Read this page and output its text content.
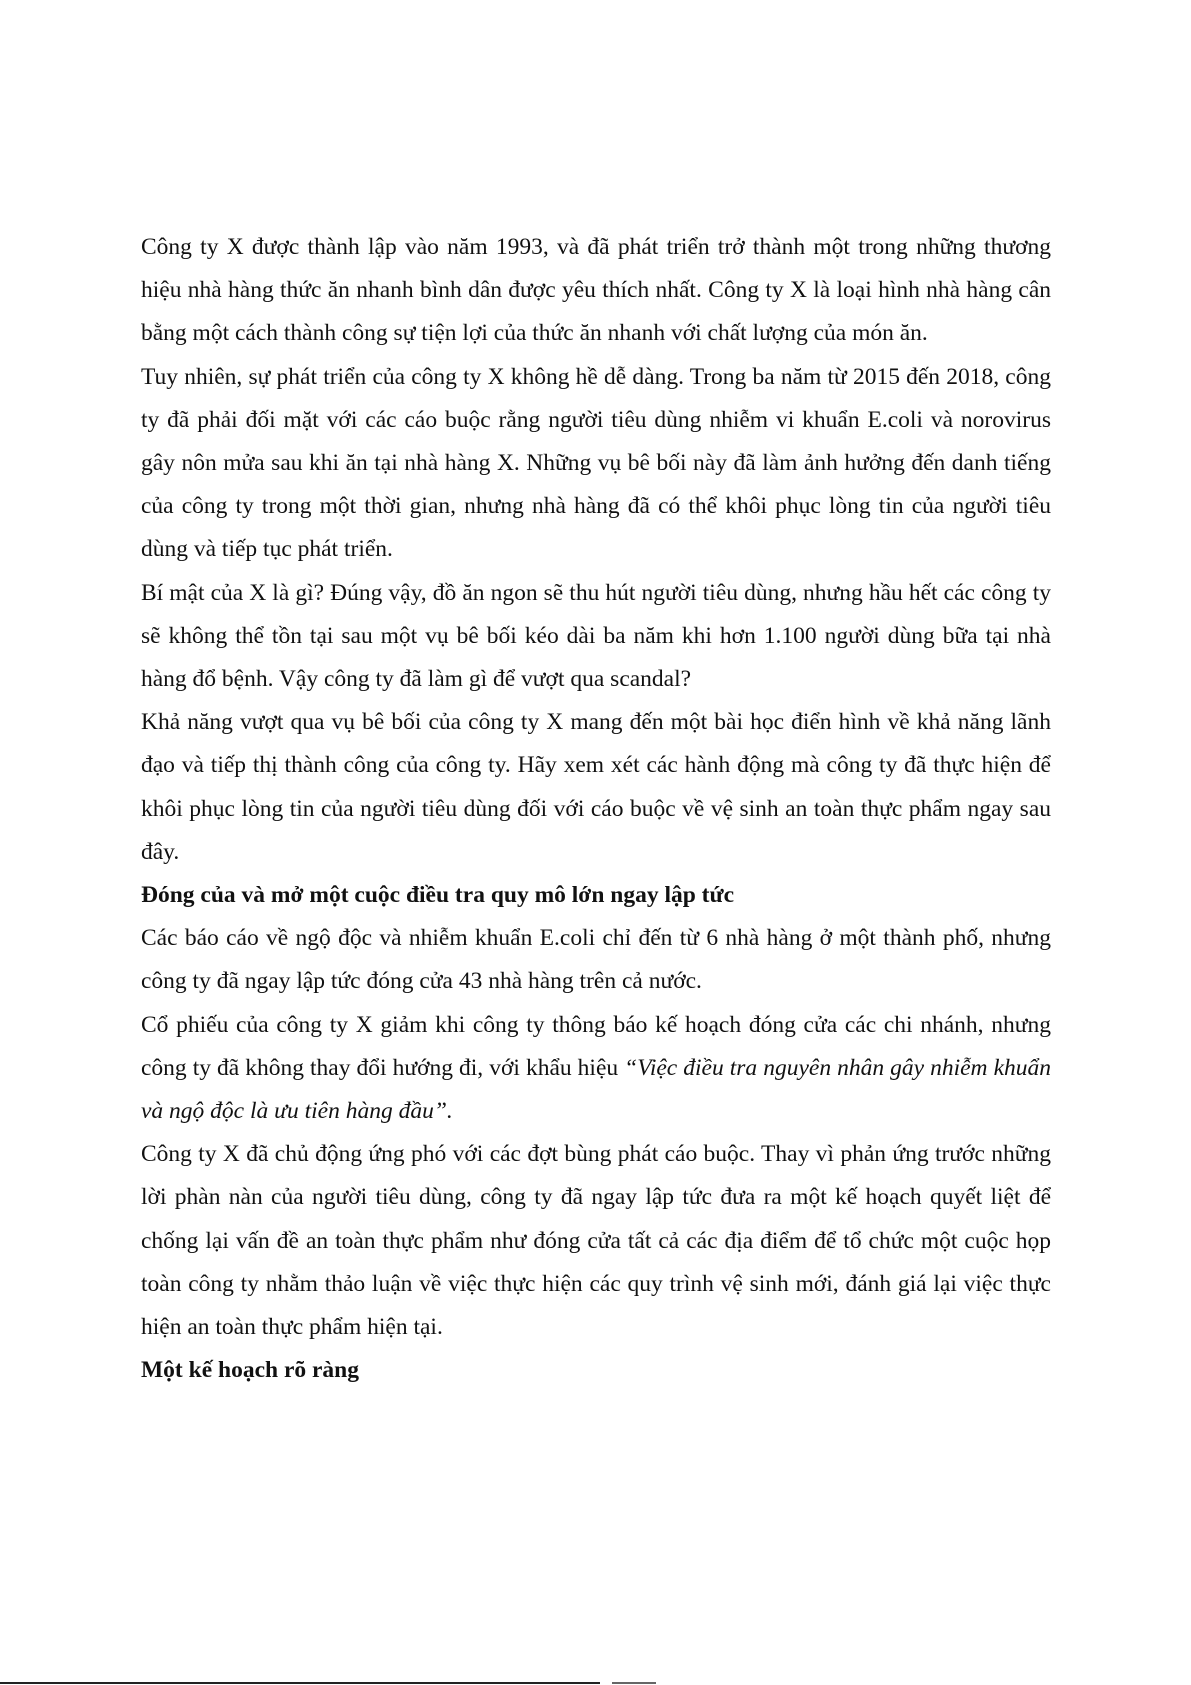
Công ty X được thành lập vào năm 1993, và đã phát triển trở thành một trong những thương hiệu nhà hàng thức ăn nhanh bình dân được yêu thích nhất. Công ty X là loại hình nhà hàng cân bằng một cách thành công sự tiện lợi của thức ăn nhanh với chất lượng của món ăn.

Tuy nhiên, sự phát triển của công ty X không hề dễ dàng. Trong ba năm từ 2015 đến 2018, công ty đã phải đối mặt với các cáo buộc rằng người tiêu dùng nhiễm vi khuẩn E.coli và norovirus gây nôn mửa sau khi ăn tại nhà hàng X. Những vụ bê bối này đã làm ảnh hưởng đến danh tiếng của công ty trong một thời gian, nhưng nhà hàng đã có thể khôi phục lòng tin của người tiêu dùng và tiếp tục phát triển.

Bí mật của X là gì? Đúng vậy, đồ ăn ngon sẽ thu hút người tiêu dùng, nhưng hầu hết các công ty sẽ không thể tồn tại sau một vụ bê bối kéo dài ba năm khi hơn 1.100 người dùng bữa tại nhà hàng đổ bệnh. Vậy công ty đã làm gì để vượt qua scandal?

Khả năng vượt qua vụ bê bối của công ty X mang đến một bài học điển hình về khả năng lãnh đạo và tiếp thị thành công của công ty. Hãy xem xét các hành động mà công ty đã thực hiện để khôi phục lòng tin của người tiêu dùng đối với cáo buộc về vệ sinh an toàn thực phẩm ngay sau đây.

Đóng của và mở một cuộc điều tra quy mô lớn ngay lập tức

Các báo cáo về ngộ độc và nhiễm khuẩn E.coli chỉ đến từ 6 nhà hàng ở một thành phố, nhưng công ty đã ngay lập tức đóng cửa 43 nhà hàng trên cả nước.

Cổ phiếu của công ty X giảm khi công ty thông báo kế hoạch đóng cửa các chi nhánh, nhưng công ty đã không thay đổi hướng đi, với khẩu hiệu “Việc điều tra nguyên nhân gây nhiễm khuẩn và ngộ độc là ưu tiên hàng đầu”.

Công ty X đã chủ động ứng phó với các đợt bùng phát cáo buộc. Thay vì phản ứng trước những lời phàn nàn của người tiêu dùng, công ty đã ngay lập tức đưa ra một kế hoạch quyết liệt để chống lại vấn đề an toàn thực phẩm như đóng cửa tất cả các địa điểm để tổ chức một cuộc họp toàn công ty nhằm thảo luận về việc thực hiện các quy trình vệ sinh mới, đánh giá lại việc thực hiện an toàn thực phẩm hiện tại.

Một kế hoạch rõ ràng
